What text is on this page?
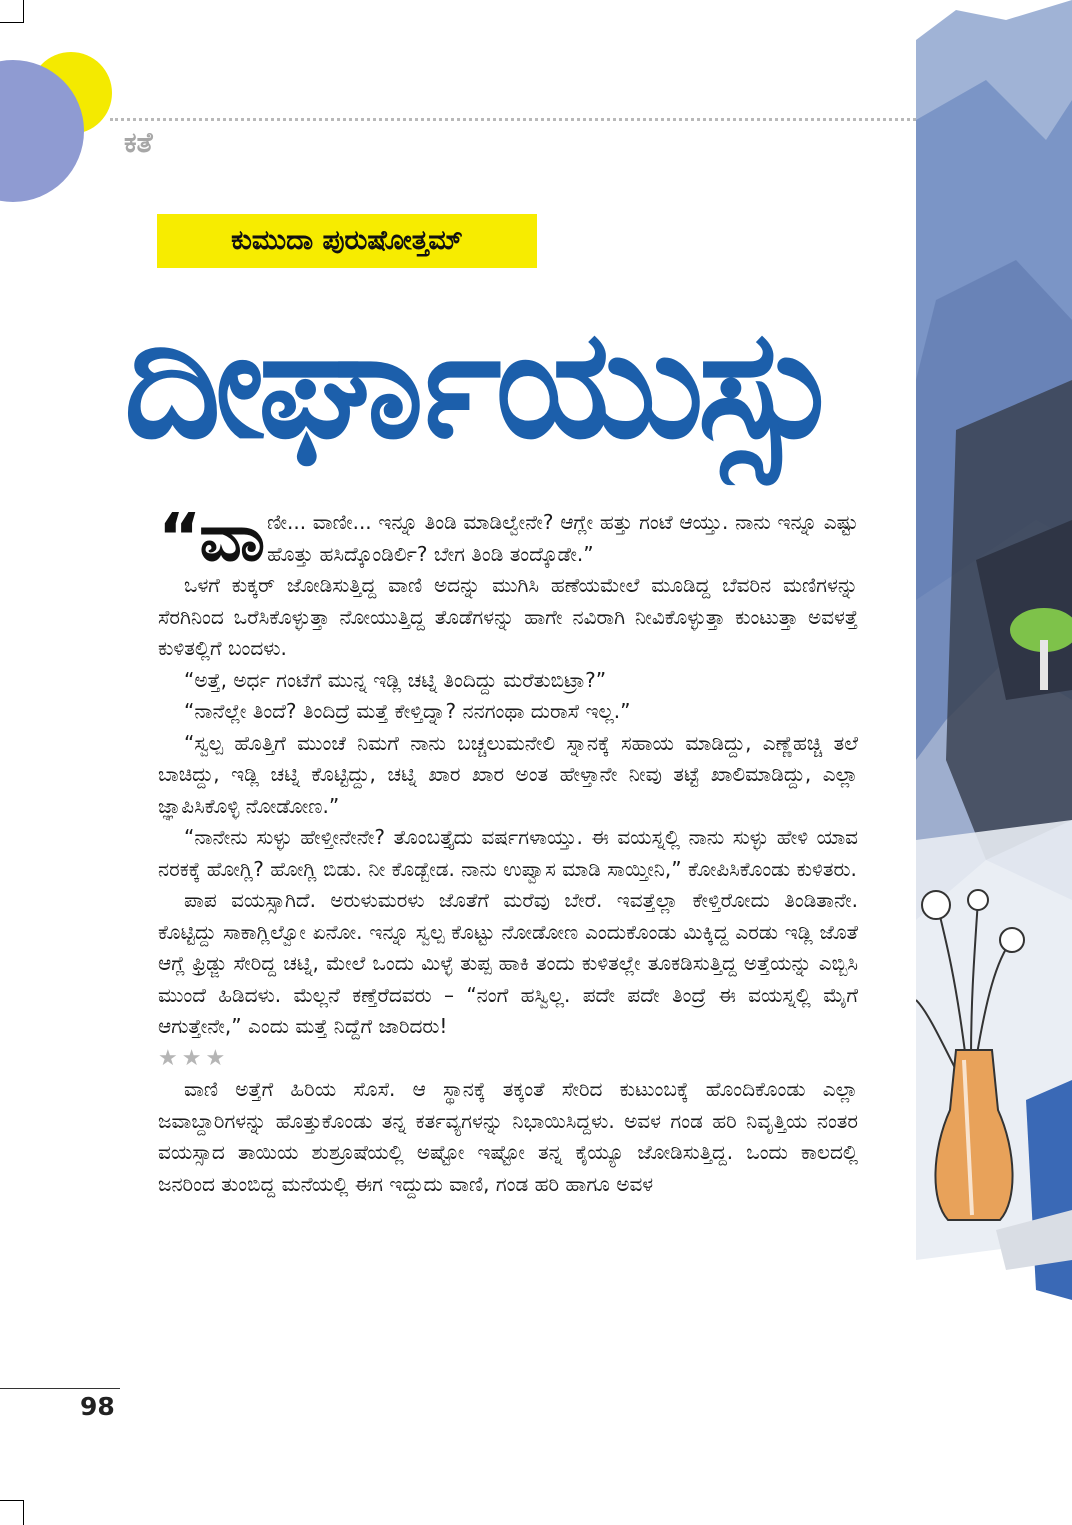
ಕತೆ
ಕುಮುದಾ ಪುರುಷೋತ್ತಮ್
ದೀರ್ಘಾಯುಸ್ಸು

“ವಾಣೀ... ವಾಣೀ... ಇನ್ನೂ ತಿಂಡಿ ಮಾಡಿಲ್ವೇನೇ? ಆಗ್ಲೇ ಹತ್ತು ಗಂಟೆ ಆಯ್ತು. ನಾನು ಇನ್ನೂ ಎಷ್ಟು ಹೊತ್ತು ಹಸಿದ್ಕೊಂಡಿರ್ಲಿ? ಬೇಗ ತಿಂಡಿ ತಂದ್ಕೊಡೇ.”

ಒಳಗೆ ಕುಕ್ಕರ್ ಜೋಡಿಸುತ್ತಿದ್ದ ವಾಣಿ ಅದನ್ನು ಮುಗಿಸಿ ಹಣೆಯಮೇಲೆ ಮೂಡಿದ್ದ ಬೆವರಿನ ಮಣಿಗಳನ್ನು ಸೆರಗಿನಿಂದ ಒರೆಸಿಕೊಳ್ಳುತ್ತಾ ನೋಯುತ್ತಿದ್ದ ತೊಡೆಗಳನ್ನು ಹಾಗೇ ನವಿರಾಗಿ ನೀವಿಕೊಳ್ಳುತ್ತಾ ಕುಂಟುತ್ತಾ ಅವಳತ್ತೆ ಕುಳಿತಲ್ಲಿಗೆ ಬಂದಳು.

“ಅತ್ತೆ, ಅರ್ಧ ಗಂಟೆಗೆ ಮುನ್ನ ಇಡ್ಲಿ ಚಟ್ನಿ ತಿಂದಿದ್ದು ಮರೆತುಬಿಟ್ರಾ?”

“ನಾನೆಲ್ಲೇ ತಿಂದೆ? ತಿಂದಿದ್ರೆ ಮತ್ತೆ ಕೇಳ್ತಿದ್ನಾ? ನನಗಂಥಾ ದುರಾಸೆ ಇಲ್ಲ.”

“ಸ್ವಲ್ಪ ಹೊತ್ತಿಗೆ ಮುಂಚೆ ನಿಮಗೆ ನಾನು ಬಚ್ಚಲುಮನೇಲಿ ಸ್ನಾನಕ್ಕೆ ಸಹಾಯ ಮಾಡಿದ್ದು, ಎಣ್ಣೆಹಚ್ಚಿ ತಲೆ ಬಾಚಿದ್ದು, ಇಡ್ಲಿ ಚಟ್ನಿ ಕೊಟ್ಟಿದ್ದು, ಚಟ್ನಿ ಖಾರ ಖಾರ ಅಂತ ಹೇಳ್ತಾನೇ ನೀವು ತಟ್ಟೆ ಖಾಲಿಮಾಡಿದ್ದು, ಎಲ್ಲಾ ಜ್ಞಾಪಿಸಿಕೊಳ್ಳಿ ನೋಡೋಣ.”

“ನಾನೇನು ಸುಳ್ಳು ಹೇಳ್ತೀನೇನೇ? ತೊಂಬತ್ತೈದು ವರ್ಷಗಳಾಯ್ತು. ಈ ವಯಸ್ನಲ್ಲಿ ನಾನು ಸುಳ್ಳು ಹೇಳಿ ಯಾವ ನರಕಕ್ಕೆ ಹೋಗ್ಲಿ? ಹೋಗ್ಲಿ ಬಿಡು. ನೀ ಕೊಡ್ಬೇಡ. ನಾನು ಉಪ್ವಾಸ ಮಾಡಿ ಸಾಯ್ತೀನಿ,” ಕೋಪಿಸಿಕೊಂಡು ಕುಳಿತರು.

ಪಾಪ ವಯಸ್ಸಾಗಿದೆ. ಅರುಳುಮರಳು ಜೊತೆಗೆ ಮರೆವು ಬೇರೆ. ಇವತ್ತೆಲ್ಲಾ ಕೇಳ್ತಿರೋದು ತಿಂಡಿತಾನೇ. ಕೊಟ್ಟಿದ್ದು ಸಾಕಾಗ್ಲಿಲ್ವೋ ಏನೋ. ಇನ್ನೂ ಸ್ವಲ್ಪ ಕೊಟ್ಟು ನೋಡೋಣ ಎಂದುಕೊಂಡು ಮಿಕ್ಕಿದ್ದ ಎರಡು ಇಡ್ಲಿ ಜೊತೆ ಆಗ್ಲೆ ಫ್ರಿಡ್ಜು ಸೇರಿದ್ದ ಚಟ್ನಿ, ಮೇಲೆ ಒಂದು ಮಿಳ್ಳೆ ತುಪ್ಪ ಹಾಕಿ ತಂದು ಕುಳಿತಲ್ಲೇ ತೂಕಡಿಸುತ್ತಿದ್ದ ಅತ್ತೆಯನ್ನು ಎಬ್ಬಿಸಿ ಮುಂದೆ ಹಿಡಿದಳು. ಮೆಲ್ಲನೆ ಕಣ್ತೆರೆದವರು – “ನಂಗೆ ಹಸ್ವಿಲ್ಲ. ಪದೇ ಪದೇ ತಿಂದ್ರೆ ಈ ವಯಸ್ನಲ್ಲಿ ಮೈಗೆ ಆಗುತ್ತೇನೇ,” ಎಂದು ಮತ್ತೆ ನಿದ್ದೆಗೆ ಜಾರಿದರು!

★★★

ವಾಣಿ ಅತ್ತೆಗೆ ಹಿರಿಯ ಸೊಸೆ. ಆ ಸ್ಥಾನಕ್ಕೆ ತಕ್ಕಂತೆ ಸೇರಿದ ಕುಟುಂಬಕ್ಕೆ ಹೊಂದಿಕೊಂಡು ಎಲ್ಲಾ ಜವಾಬ್ದಾರಿಗಳನ್ನು ಹೊತ್ತುಕೊಂಡು ತನ್ನ ಕರ್ತವ್ಯಗಳನ್ನು ನಿಭಾಯಿಸಿದ್ದಳು. ಅವಳ ಗಂಡ ಹರಿ ನಿವೃತ್ತಿಯ ನಂತರ ವಯಸ್ಸಾದ ತಾಯಿಯ ಶುಶ್ರೂಷೆಯಲ್ಲಿ ಅಷ್ಟೋ ಇಷ್ಟೋ ತನ್ನ ಕೈಯ್ಯೂ ಜೋಡಿಸುತ್ತಿದ್ದ. ಒಂದು ಕಾಲದಲ್ಲಿ ಜನರಿಂದ ತುಂಬಿದ್ದ ಮನೆಯಲ್ಲಿ ಈಗ ಇದ್ದುದು ವಾಣಿ, ಗಂಡ ಹರಿ ಹಾಗೂ ಅವಳ

98
